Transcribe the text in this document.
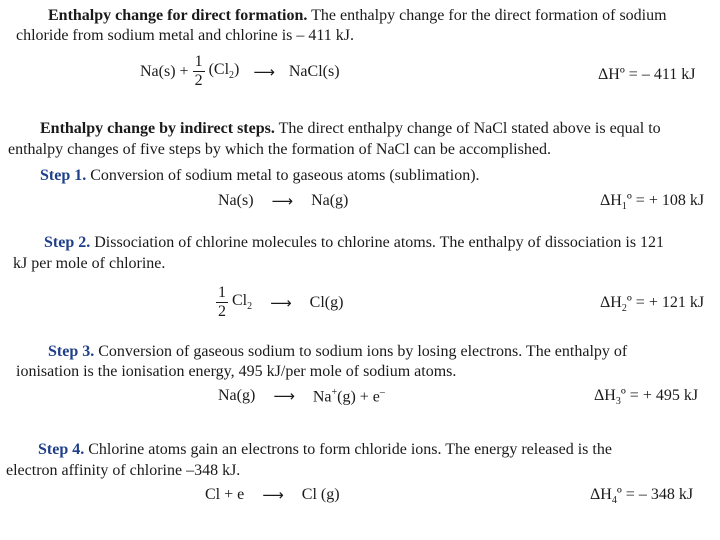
Enthalpy change for direct formation. The enthalpy change for the direct formation of sodium
chloride from sodium metal and chlorine is – 411 kJ.
$Na(s) + \frac{1}{2} (Cl_2)$ ⟶ NaCl(s)	ΔHº = – 411 kJ
Enthalpy change by indirect steps. The direct enthalpy change of NaCl stated above is equal to
enthalpy changes of five steps by which the formation of NaCl can be accomplished.
Step 1. Conversion of sodium metal to gaseous atoms (sublimation).
Na(s) ⟶ Na(g)	$\Delta H_1º$ = + 108 kJ
Step 2. Dissociation of chlorine molecules to chlorine atoms. The enthalpy of dissociation is 121
kJ per mole of chlorine.
$\frac{1}{2} Cl_2$ ⟶ Cl(g)	$\Delta H_2º$ = + 121 kJ
Step 3. Conversion of gaseous sodium to sodium ions by losing electrons. The enthalpy of
ionisation is the ionisation energy, 495 kJ/per mole of sodium atoms.
Na(g) ⟶ Na+(g) + e–	$\Delta H_3º$ = + 495 kJ
Step 4. Chlorine atoms gain an electrons to form chloride ions. The energy released is the
electron affinity of chlorine –348 kJ.
Cl + e ⟶ Cl (g)	$\Delta H_4º$ = – 348 kJ
